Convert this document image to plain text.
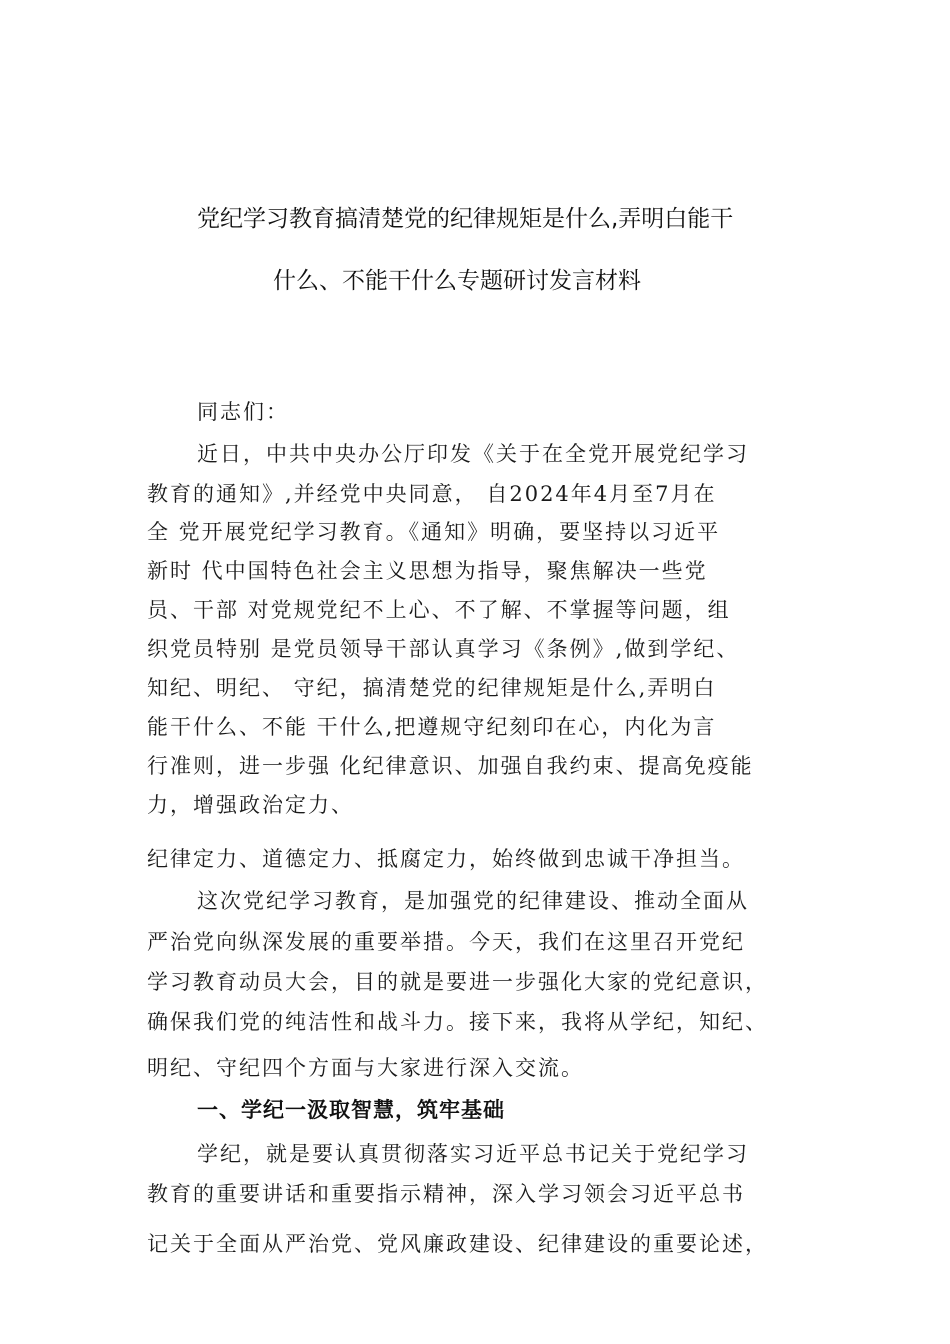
党纪学习教育搞清楚党的纪律规矩是什么,弄明白能干
什么、不能干什么专题研讨发言材料
同志们：
近日，中共中央办公厅印发《关于在全党开展党纪学习
教育的通知》,并经党中央同意， 自2024年4月至7月在
全 党开展党纪学习教育。《通知》明确，要坚持以习近平
新时 代中国特色社会主义思想为指导，聚焦解决一些党
员、干部 对党规党纪不上心、不了解、不掌握等问题，组
织党员特别 是党员领导干部认真学习《条例》,做到学纪、
知纪、明纪、 守纪，搞清楚党的纪律规矩是什么,弄明白
能干什么、不能 干什么,把遵规守纪刻印在心，内化为言
行准则，进一步强 化纪律意识、加强自我约束、提高免疫能
力，增强政治定力、
纪律定力、道德定力、抵腐定力，始终做到忠诚干净担当。
这次党纪学习教育，是加强党的纪律建设、推动全面从
严治党向纵深发展的重要举措。今天，我们在这里召开党纪
学习教育动员大会，目的就是要进一步强化大家的党纪意识，
确保我们党的纯洁性和战斗力。接下来，我将从学纪，知纪、
明纪、守纪四个方面与大家进行深入交流。
一、学纪一汲取智慧，筑牢基础
学纪，就是要认真贯彻落实习近平总书记关于党纪学习
教育的重要讲话和重要指示精神，深入学习领会习近平总书
记关于全面从严治党、党风廉政建设、纪律建设的重要论述，
